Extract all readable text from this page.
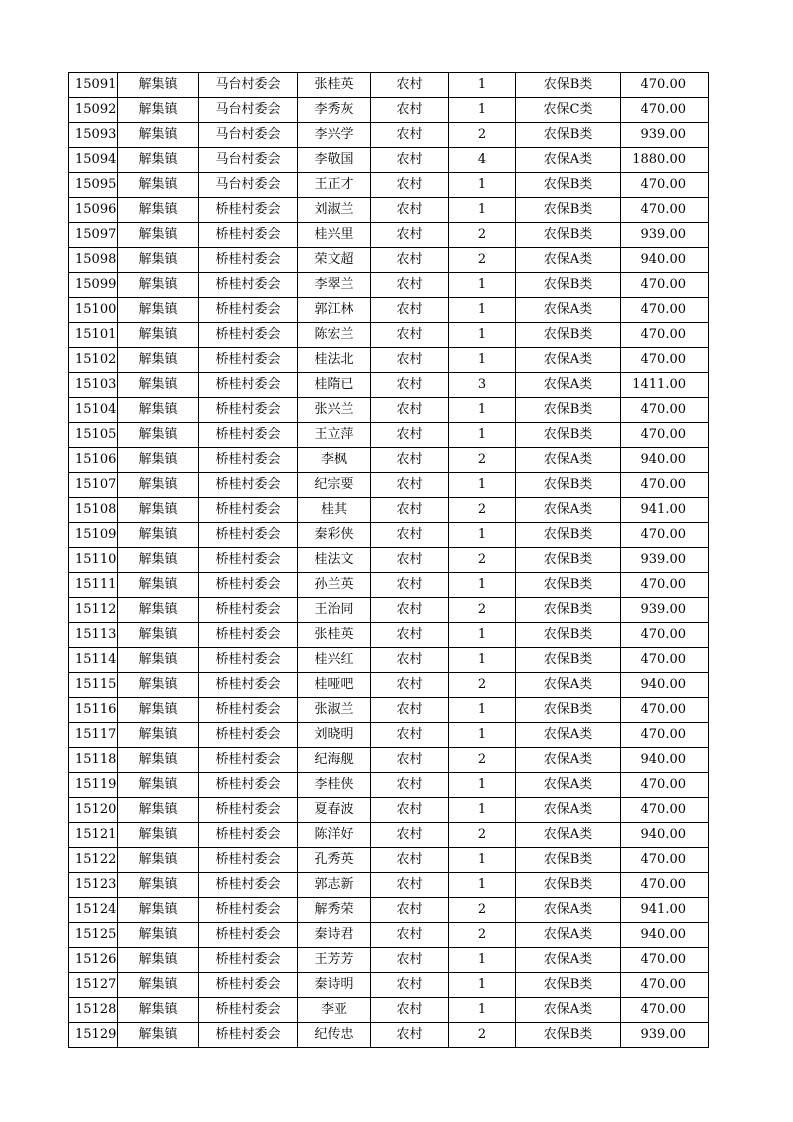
15091	解集镇	马台村委会	张桂英	农村	1	农保B类	470.00
15092	解集镇	马台村委会	李秀灰	农村	1	农保C类	470.00
15093	解集镇	马台村委会	李兴学	农村	2	农保B类	939.00
15094	解集镇	马台村委会	李敬国	农村	4	农保A类	1880.00
15095	解集镇	马台村委会	王正才	农村	1	农保B类	470.00
15096	解集镇	桥桂村委会	刘淑兰	农村	1	农保B类	470.00
15097	解集镇	桥桂村委会	桂兴里	农村	2	农保B类	939.00
15098	解集镇	桥桂村委会	荣文超	农村	2	农保A类	940.00
15099	解集镇	桥桂村委会	李翠兰	农村	1	农保B类	470.00
15100	解集镇	桥桂村委会	郭江林	农村	1	农保A类	470.00
15101	解集镇	桥桂村委会	陈宏兰	农村	1	农保B类	470.00
15102	解集镇	桥桂村委会	桂法北	农村	1	农保A类	470.00
15103	解集镇	桥桂村委会	桂隋已	农村	3	农保A类	1411.00
15104	解集镇	桥桂村委会	张兴兰	农村	1	农保B类	470.00
15105	解集镇	桥桂村委会	王立萍	农村	1	农保B类	470.00
15106	解集镇	桥桂村委会	李枫	农村	2	农保A类	940.00
15107	解集镇	桥桂村委会	纪宗要	农村	1	农保B类	470.00
15108	解集镇	桥桂村委会	桂其	农村	2	农保A类	941.00
15109	解集镇	桥桂村委会	秦彩侠	农村	1	农保B类	470.00
15110	解集镇	桥桂村委会	桂法文	农村	2	农保B类	939.00
15111	解集镇	桥桂村委会	孙兰英	农村	1	农保B类	470.00
15112	解集镇	桥桂村委会	王治同	农村	2	农保B类	939.00
15113	解集镇	桥桂村委会	张桂英	农村	1	农保B类	470.00
15114	解集镇	桥桂村委会	桂兴红	农村	1	农保B类	470.00
15115	解集镇	桥桂村委会	桂哑吧	农村	2	农保A类	940.00
15116	解集镇	桥桂村委会	张淑兰	农村	1	农保B类	470.00
15117	解集镇	桥桂村委会	刘晓明	农村	1	农保A类	470.00
15118	解集镇	桥桂村委会	纪海舰	农村	2	农保A类	940.00
15119	解集镇	桥桂村委会	李桂侠	农村	1	农保A类	470.00
15120	解集镇	桥桂村委会	夏春波	农村	1	农保A类	470.00
15121	解集镇	桥桂村委会	陈洋好	农村	2	农保A类	940.00
15122	解集镇	桥桂村委会	孔秀英	农村	1	农保B类	470.00
15123	解集镇	桥桂村委会	郭志新	农村	1	农保B类	470.00
15124	解集镇	桥桂村委会	解秀荣	农村	2	农保A类	941.00
15125	解集镇	桥桂村委会	秦诗君	农村	2	农保A类	940.00
15126	解集镇	桥桂村委会	王芳芳	农村	1	农保A类	470.00
15127	解集镇	桥桂村委会	秦诗明	农村	1	农保B类	470.00
15128	解集镇	桥桂村委会	李亚	农村	1	农保A类	470.00
15129	解集镇	桥桂村委会	纪传忠	农村	2	农保B类	939.00
